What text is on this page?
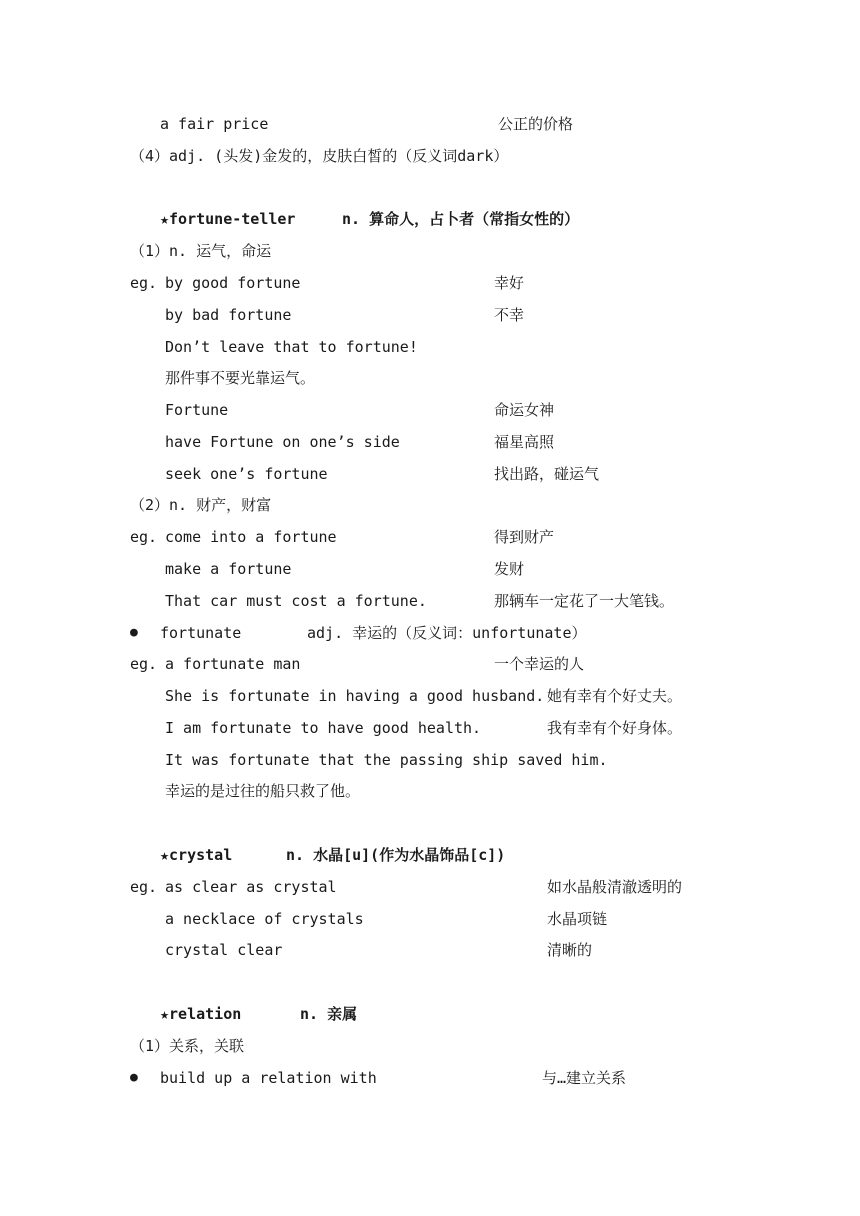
a fair price	公正的价格
（4）adj. (头发)金发的，皮肤白皙的（反义词dark）
★fortune-teller	n. 算命人，占卜者（常指女性的）
（1）n. 运气，命运
eg. by good fortune	幸好
by bad fortune	不幸
Don’t leave that to fortune!
那件事不要光靠运气。
Fortune	命运女神
have Fortune on one’s side	福星高照
seek one’s fortune	找出路，碰运气
（2）n. 财产，财富
eg. come into a fortune	得到财产
make a fortune	发财
That car must cost a fortune.	那辆车一定花了一大笔钱。
● fortunate	adj. 幸运的（反义词：unfortunate）
eg. a fortunate man	一个幸运的人
She is fortunate in having a good husband. 她有幸有个好丈夫。
I am fortunate to have good health.	我有幸有个好身体。
It was fortunate that the passing ship saved him.
幸运的是过往的船只救了他。
★crystal	n. 水晶[u](作为水晶饰品[c])
eg. as clear as crystal	如水晶般清澈透明的
a necklace of crystals	水晶项链
crystal clear	清晰的
★relation	n. 亲属
（1）关系，关联
● build up a relation with	与…建立关系
